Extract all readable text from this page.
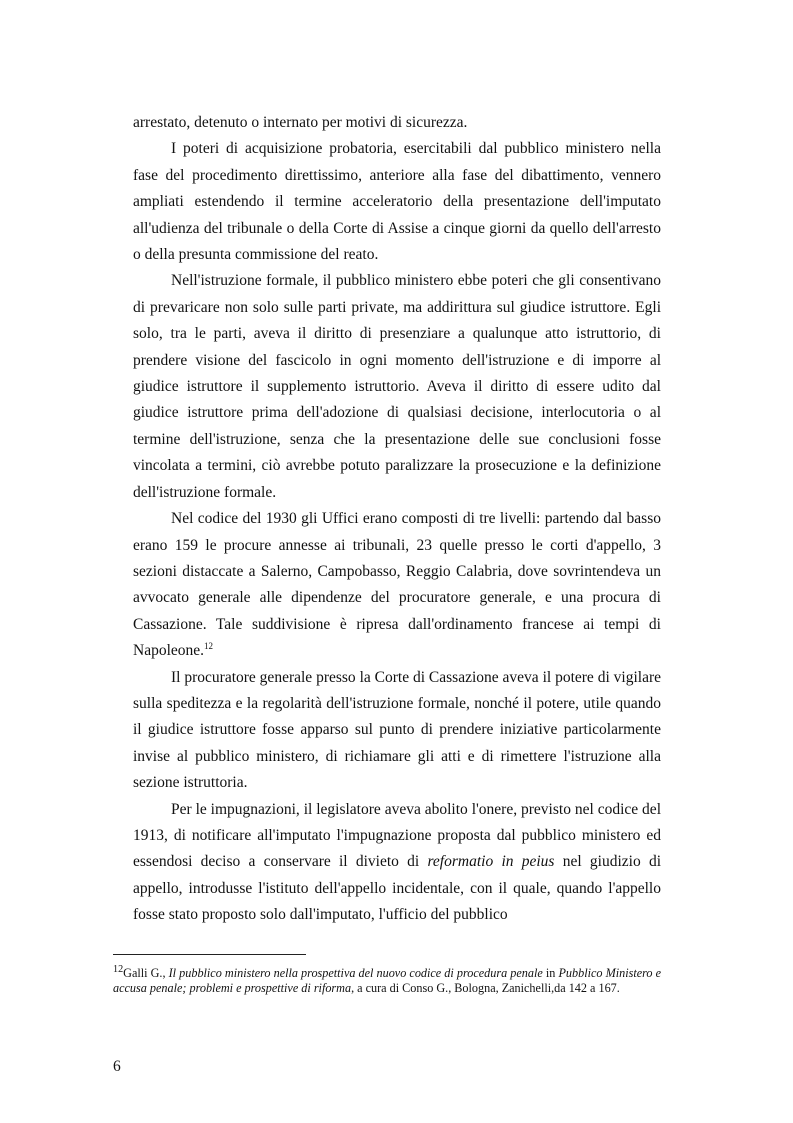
arrestato, detenuto o internato per motivi di sicurezza.

I poteri di acquisizione probatoria, esercitabili dal pubblico ministero nella fase del procedimento direttissimo, anteriore alla fase del dibattimento, vennero ampliati estendendo il termine acceleratorio della presentazione dell'imputato all'udienza del tribunale o della Corte di Assise a cinque giorni da quello dell'arresto o della presunta commissione del reato.

Nell'istruzione formale, il pubblico ministero ebbe poteri che gli consentivano di prevaricare non solo sulle parti private, ma addirittura sul giudice istruttore. Egli solo, tra le parti, aveva il diritto di presenziare a qualunque atto istruttorio, di prendere visione del fascicolo in ogni momento dell'istruzione e di imporre al giudice istruttore il supplemento istruttorio. Aveva il diritto di essere udito dal giudice istruttore prima dell'adozione di qualsiasi decisione, interlocutoria o al termine dell'istruzione, senza che la presentazione delle sue conclusioni fosse vincolata a termini, ciò avrebbe potuto paralizzare la prosecuzione e la definizione dell'istruzione formale.

Nel codice del 1930 gli Uffici erano composti di tre livelli: partendo dal basso erano 159 le procure annesse ai tribunali, 23 quelle presso le corti d'appello, 3 sezioni distaccate a Salerno, Campobasso, Reggio Calabria, dove sovrintendeva un avvocato generale alle dipendenze del procuratore generale, e una procura di Cassazione. Tale suddivisione è ripresa dall'ordinamento francese ai tempi di Napoleone.$^{12}$

Il procuratore generale presso la Corte di Cassazione aveva il potere di vigilare sulla speditezza e la regolarità dell'istruzione formale, nonché il potere, utile quando il giudice istruttore fosse apparso sul punto di prendere iniziative particolarmente invise al pubblico ministero, di richiamare gli atti e di rimettere l'istruzione alla sezione istruttoria.

Per le impugnazioni, il legislatore aveva abolito l'onere, previsto nel codice del 1913, di notificare all'imputato l'impugnazione proposta dal pubblico ministero ed essendosi deciso a conservare il divieto di reformatio in peius nel giudizio di appello, introdusse l'istituto dell'appello incidentale, con il quale, quando l'appello fosse stato proposto solo dall'imputato, l'ufficio del pubblico

$^{12}$Galli G., Il pubblico ministero nella prospettiva del nuovo codice di procedura penale in Pubblico Ministero e accusa penale; problemi e prospettive di riforma, a cura di Conso G., Bologna, Zanichelli,da 142 a 167.

6
